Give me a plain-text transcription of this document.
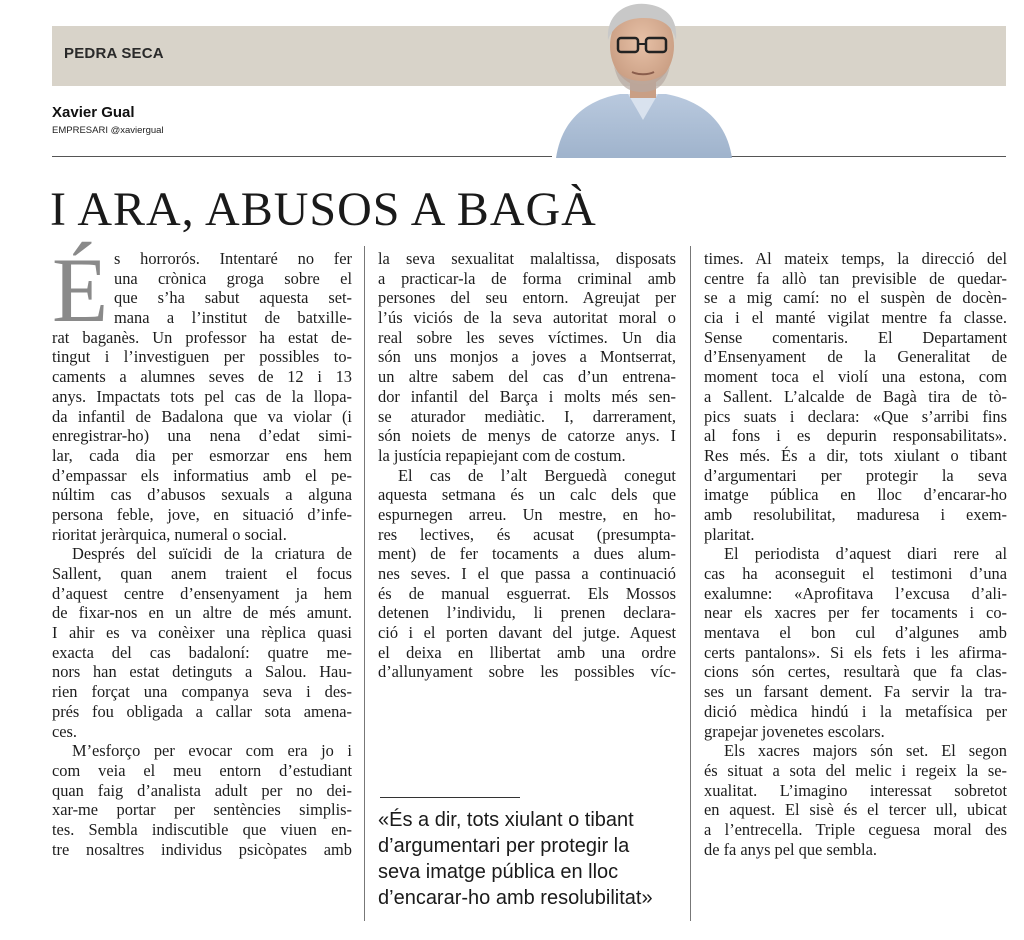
PEDRA SECA
Xavier Gual
EMPRESARI @xaviergual
I ARA, ABUSOS A BAGÀ
É s horrorós. Intentaré no fer
una crònica groga sobre el
que s’ha sabut aquesta set-
mana a l’institut de batxille-
rat baganès. Un professor ha estat de-
tingut i l’investiguen per possibles to-
caments a alumnes seves de 12 i 13
anys. Impactats tots pel cas de la llopa-
da infantil de Badalona que va violar (i
enregistrar-ho) una nena d’edat simi-
lar, cada dia per esmorzar ens hem
d’empassar els informatius amb el pe-
núltim cas d’abusos sexuals a alguna
persona feble, jove, en situació d’infe-
rioritat jeràrquica, numeral o social.
Després del suïcidi de la criatura de
Sallent, quan anem traient el focus
d’aquest centre d’ensenyament ja hem
de fixar-nos en un altre de més amunt.
I ahir es va conèixer una rèplica quasi
exacta del cas badaloní: quatre me-
nors han estat detinguts a Salou. Hau-
rien forçat una companya seva i des-
prés fou obligada a callar sota amena-
ces.
M’esforço per evocar com era jo i
com veia el meu entorn d’estudiant
quan faig d’analista adult per no dei-
xar-me portar per sentències simplis-
tes. Sembla indiscutible que viuen en-
tre nosaltres individus psicòpates amb
la seva sexualitat malaltissa, disposats
a practicar-la de forma criminal amb
persones del seu entorn. Agreujat per
l’ús viciós de la seva autoritat moral o
real sobre les seves víctimes. Un dia
són uns monjos a joves a Montserrat,
un altre sabem del cas d’un entrena-
dor infantil del Barça i molts més sen-
se aturador mediàtic. I, darrerament,
són noiets de menys de catorze anys. I
la justícia repapiejant com de costum.
El cas de l’alt Berguedà conegut
aquesta setmana és un calc dels que
espurnegen arreu. Un mestre, en ho-
res lectives, és acusat (presumpta-
ment) de fer tocaments a dues alum-
nes seves. I el que passa a continuació
és de manual esguerrat. Els Mossos
detenen l’individu, li prenen declara-
ció i el porten davant del jutge. Aquest
el deixa en llibertat amb una ordre
d’allunyament sobre les possibles víc-
«És a dir, tots xiulant o tibant
d’argumentari per protegir la
seva imatge pública en lloc
d’encarar-ho amb resolubilitat»
times. Al mateix temps, la direcció del
centre fa allò tan previsible de quedar-
se a mig camí: no el suspèn de docèn-
cia i el manté vigilat mentre fa classe.
Sense comentaris. El Departament
d’Ensenyament de la Generalitat de
moment toca el violí una estona, com
a Sallent. L’alcalde de Bagà tira de tò-
pics suats i declara: «Que s’arribi fins
al fons i es depurin responsabilitats».
Res més. És a dir, tots xiulant o tibant
d’argumentari per protegir la seva
imatge pública en lloc d’encarar-ho
amb resolubilitat, maduresa i exem-
plaritat.
El periodista d’aquest diari rere al
cas ha aconseguit el testimoni d’una
exalumne: «Aprofitava l’excusa d’ali-
near els xacres per fer tocaments i co-
mentava el bon cul d’algunes amb
certs pantalons». Si els fets i les afirma-
cions són certes, resultarà que fa clas-
ses un farsant dement. Fa servir la tra-
dició mèdica hindú i la metafísica per
grapejar jovenetes escolars.
Els xacres majors són set. El segon
és situat a sota del melic i regeix la se-
xualitat. L’imagino interessat sobretot
en aquest. El sisè és el tercer ull, ubicat
a l’entrecella. Triple ceguesa moral des
de fa anys pel que sembla.
